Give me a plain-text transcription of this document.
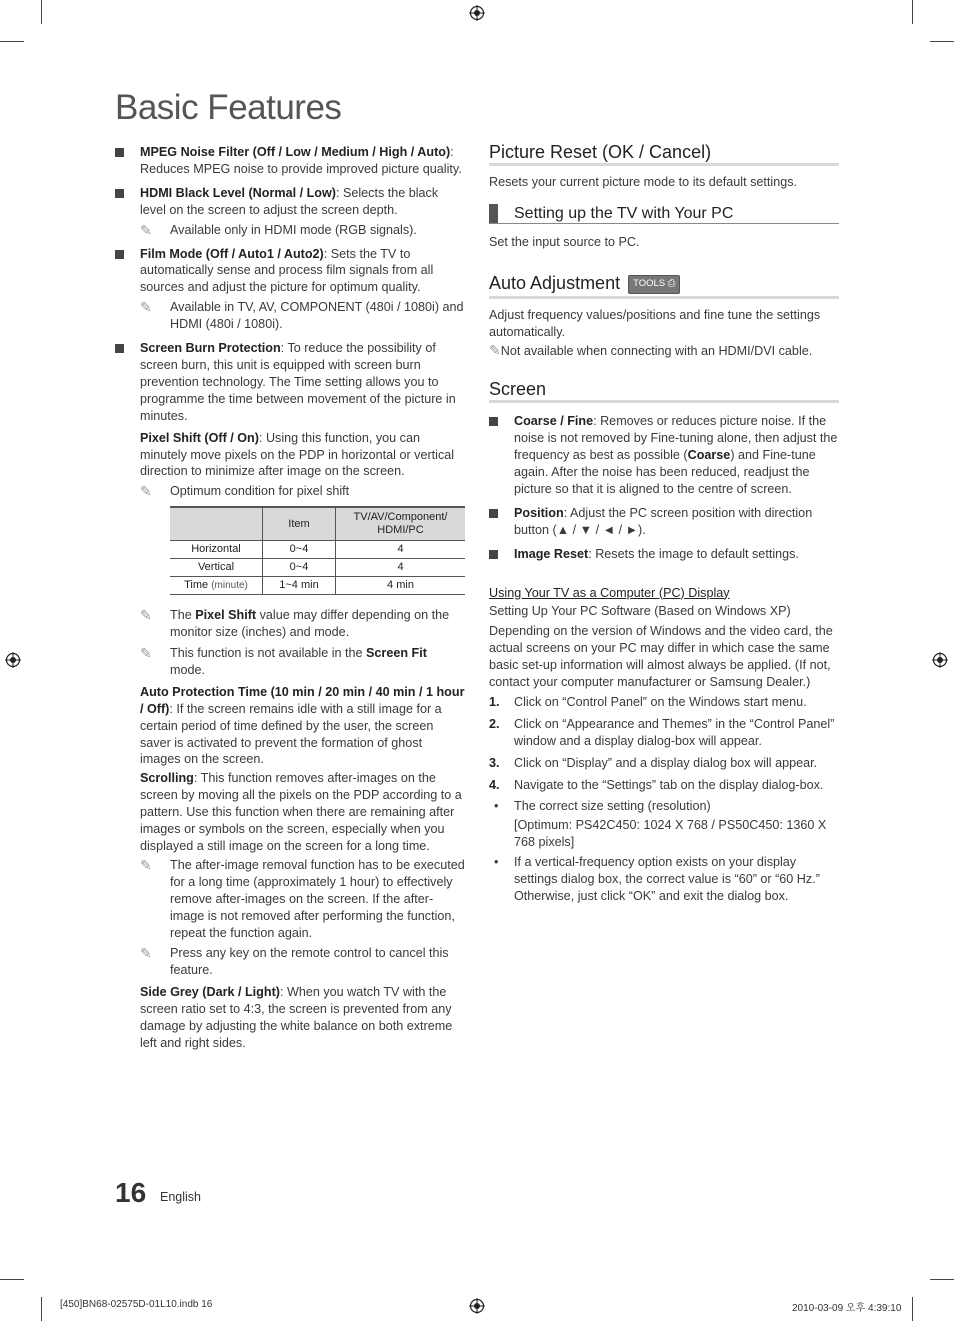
Basic Features
MPEG Noise Filter (Off / Low / Medium / High / Auto): Reduces MPEG noise to provide improved picture quality.
HDMI Black Level (Normal / Low): Selects the black level on the screen to adjust the screen depth.
✎ Available only in HDMI mode (RGB signals).
Film Mode (Off / Auto1 / Auto2): Sets the TV to automatically sense and process film signals from all sources and adjust the picture for optimum quality.
✎ Available in TV, AV, COMPONENT (480i / 1080i) and HDMI (480i / 1080i).
Screen Burn Protection: To reduce the possibility of screen burn, this unit is equipped with screen burn prevention technology. The Time setting allows you to programme the time between movement of the picture in minutes.
Pixel Shift (Off / On): Using this function, you can minutely move pixels on the PDP in horizontal or vertical direction to minimize after image on the screen.
✎ Optimum condition for pixel shift
	Item	TV/AV/Component/ HDMI/PC
Horizontal	0~4	4
Vertical	0~4	4
Time (minute)	1~4 min	4 min
✎ The Pixel Shift value may differ depending on the monitor size (inches) and mode.
✎ This function is not available in the Screen Fit mode.
Auto Protection Time (10 min / 20 min / 40 min / 1 hour / Off): If the screen remains idle with a still image for a certain period of time defined by the user, the screen saver is activated to prevent the formation of ghost images on the screen.
Scrolling: This function removes after-images on the screen by moving all the pixels on the PDP according to a pattern. Use this function when there are remaining after images or symbols on the screen, especially when you displayed a still image on the screen for a long time.
✎ The after-image removal function has to be executed for a long time (approximately 1 hour) to effectively remove after-images on the screen. If the after-image is not removed after performing the function, repeat the function again.
✎ Press any key on the remote control to cancel this feature.
Side Grey (Dark / Light): When you watch TV with the screen ratio set to 4:3, the screen is prevented from any damage by adjusting the white balance on both extreme left and right sides.
Picture Reset (OK / Cancel)
Resets your current picture mode to its default settings.
Setting up the TV with Your PC
Set the input source to PC.
Auto Adjustment TOOLS ⎙
Adjust frequency values/positions and fine tune the settings automatically.
✎Not available when connecting with an HDMI/DVI cable.
Screen
Coarse / Fine: Removes or reduces picture noise. If the noise is not removed by Fine-tuning alone, then adjust the frequency as best as possible (Coarse) and Fine-tune again. After the noise has been reduced, readjust the picture so that it is aligned to the centre of screen.
Position: Adjust the PC screen position with direction button (▲ / ▼ / ◄ / ►).
Image Reset: Resets the image to default settings.
Using Your TV as a Computer (PC) Display
Setting Up Your PC Software (Based on Windows XP)
Depending on the version of Windows and the video card, the actual screens on your PC may differ in which case the same basic set-up information will almost always be applied. (If not, contact your computer manufacturer or Samsung Dealer.)
1. Click on “Control Panel” on the Windows start menu.
2. Click on “Appearance and Themes” in the “Control Panel” window and a display dialog-box will appear.
3. Click on “Display” and a display dialog box will appear.
4. Navigate to the “Settings” tab on the display dialog-box.
• The correct size setting (resolution)
[Optimum: PS42C450: 1024 X 768 / PS50C450: 1360 X 768 pixels]
• If a vertical-frequency option exists on your display settings dialog box, the correct value is “60” or “60 Hz.” Otherwise, just click “OK” and exit the dialog box.
16 English
[450]BN68-02575D-01L10.indb 16	2010-03-09 오후 4:39:10
